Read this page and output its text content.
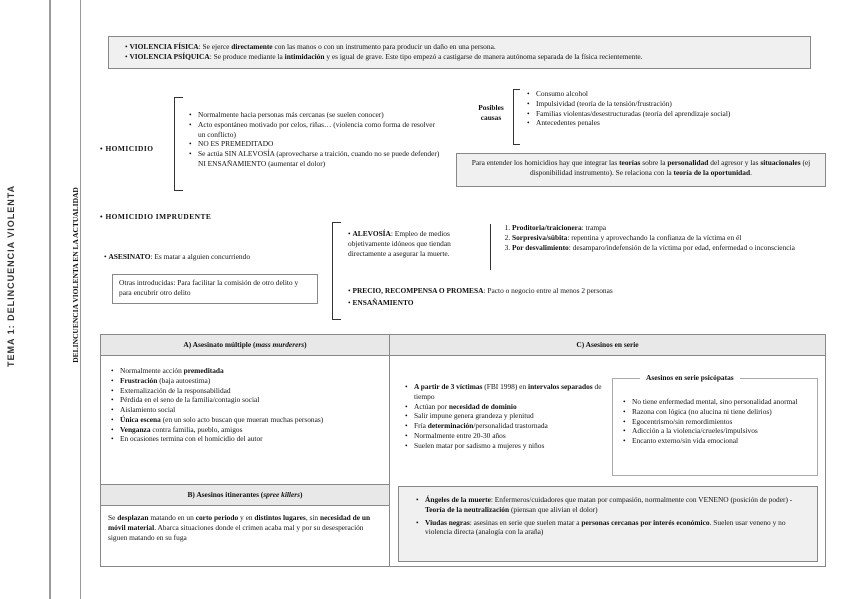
TEMA 1: DELINCUENCIA VIOLENTA	DELINCUENCIA VIOLENTA EN LA ACTUALIDAD
• VIOLENCIA FÍSICA: Se ejerce directamente con las manos o con un instrumento para producir un daño en una persona.
• VIOLENCIA PSÍQUICA: Se produce mediante la intimidación y es igual de grave. Este tipo empezó a castigarse de manera autónoma separada de la física recientemente.
• HOMICIDIO
• Normalmente hacia personas más cercanas (se suelen conocer)
• Acto espontáneo motivado por celos, riñas… (violencia como forma de resolver un conflicto)
• NO ES PREMEDITADO
• Se actúa SIN ALEVOSÍA (aprovecharse a traición, cuando no se puede defender) NI ENSAÑAMIENTO (aumentar el dolor)
Posibles causas
• Consumo alcohol
• Impulsividad (teoría de la tensión/frustración)
• Familias violentas/desestructuradas (teoría del aprendizaje social)
• Antecedentes penales
Para entender los homicidios hay que integrar las teorías sobre la personalidad del agresor y las situacionales (ej disponibilidad instrumento). Se relaciona con la teoría de la oportunidad.
• HOMICIDIO IMPRUDENTE
• ASESINATO: Es matar a alguien concurriendo
Otras introducidas: Para facilitar la comisión de otro delito y para encubrir otro delito
• ALEVOSÍA: Empleo de medios objetivamente idóneos que tiendan directamente a asegurar la muerte.
1. Proditoria/traicionera: trampa
2. Sorpresiva/súbita: repentina y aprovechando la confianza de la víctima en él
3. Por desvalimiento: desamparo/indefensión de la víctima por edad, enfermedad o inconsciencia
• PRECIO, RECOMPENSA O PROMESA: Pacto o negocio entre al menos 2 personas
• ENSAÑAMIENTO
A) Asesinato múltiple (mass murderers)
• Normalmente acción premeditada
• Frustración (baja autoestima)
• Externalización de la responsabilidad
• Pérdida en el seno de la familia/contagio social
• Aislamiento social
• Única escena (en un solo acto buscan que mueran muchas personas)
• Venganza contra familia, pueblo, amigos
• En ocasiones termina con el homicidio del autor
B) Asesinos itinerantes (spree killers)
Se desplazan matando en un corto periodo y en distintos lugares, sin necesidad de un móvil material. Abarca situaciones donde el crimen acaba mal y por su desesperación siguen matando en su fuga
C) Asesinos en serie
• A partir de 3 víctimas (FBI 1998) en intervalos separados de tiempo
• Actúan por necesidad de dominio
• Salir impune genera grandeza y plenitud
• Fría determinación/personalidad trastornada
• Normalmente entre 20-30 años
• Suelen matar por sadismo a mujeres y niños
Asesinos en serie psicópatas
• No tiene enfermedad mental, sino personalidad anormal
• Razona con lógica (no alucina ni tiene delirios)
• Egocentrismo/sin remordimientos
• Adicción a la violencia/crueles/impulsivos
• Encanto externo/sin vida emocional
• Ángeles de la muerte: Enfermeros/cuidadores que matan por compasión, normalmente con VENENO (posición de poder) - Teoría de la neutralización (piensan que alivian el dolor)
• Viudas negras: asesinas en serie que suelen matar a personas cercanas por interés económico. Suelen usar veneno y no violencia directa (analogía con la araña)
